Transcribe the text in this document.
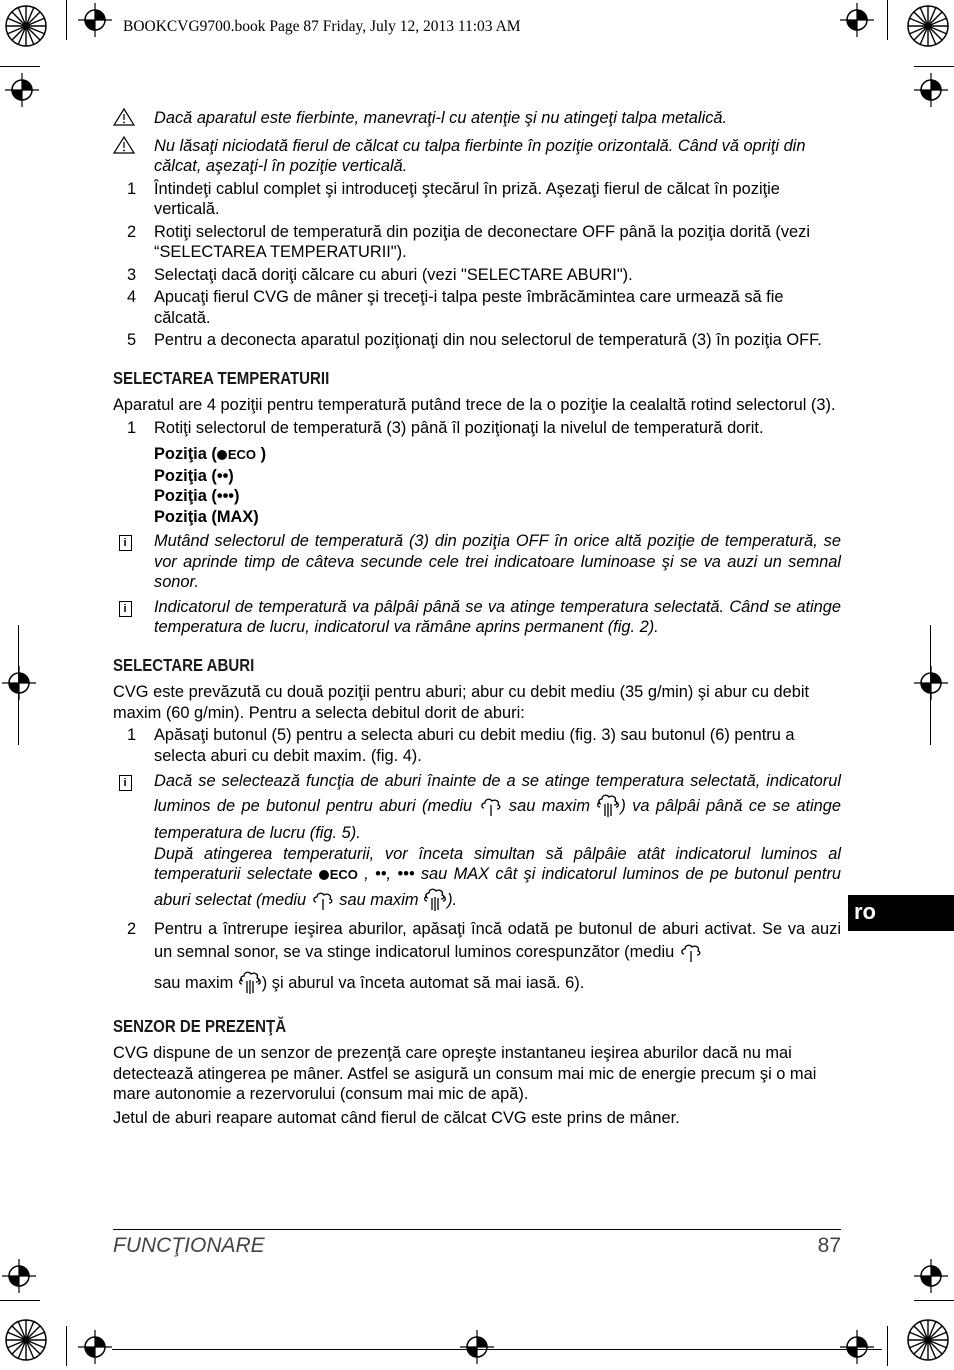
BOOKCVG9700.book Page 87 Friday, July 12, 2013 11:03 AM
Dacă aparatul este fierbinte, manevraţi-l cu atenţie şi nu atingeţi talpa metalică.
Nu lăsaţi niciodată fierul de călcat cu talpa fierbinte în poziţie orizontală. Când vă opriţi din călcat, aşezaţi-l în poziţie verticală.
1 Întindeţi cablul complet şi introduceţi ştecărul în priză. Aşezaţi fierul de călcat în poziţie verticală.
2 Rotiţi selectorul de temperatură din poziţia de deconectare OFF până la poziţia dorită (vezi “SELECTAREA TEMPERATURII").
3 Selectaţi dacă doriţi călcare cu aburi (vezi "SELECTARE ABURI").
4 Apucaţi fierul CVG de mâner şi treceţi-i talpa peste îmbrăcămintea care urmează să fie călcată.
5 Pentru a deconecta aparatul poziţionaţi din nou selectorul de temperatură (3) în poziţia OFF.
SELECTAREA TEMPERATURII

Aparatul are 4 poziţii pentru temperatură putând trece de la o poziţie la cealaltă rotind selectorul (3).

1 Rotiţi selectorul de temperatură (3) până îl poziţionaţi la nivelul de temperatură dorit.
Poziţia ( ECO )
Poziţia (••)
Poziţia (•••)
Poziţia (MAX)
i	Mutând selectorul de temperatură (3) din poziţia OFF în orice altă poziţie de temperatură, se vor aprinde timp de câteva secunde cele trei indicatoare luminoase şi se va auzi un semnal sonor.
i	Indicatorul de temperatură va pâlpâi până se va atinge temperatura selectată. Când se atinge temperatura de lucru, indicatorul va rămâne aprins permanent (fig. 2).
SELECTARE ABURI

CVG este prevăzută cu două poziţii pentru aburi; abur cu debit mediu (35 g/min) şi abur cu debit maxim (60 g/min). Pentru a selecta debitul dorit de aburi:

1 Apăsaţi butonul (5) pentru a selecta aburi cu debit mediu (fig. 3) sau butonul (6) pentru a selecta aburi cu debit maxim. (fig. 4).
i	Dacă se selectează funcţia de aburi înainte de a se atinge temperatura selectată, indicatorul luminos de pe butonul pentru aburi (mediu  sau maxim ) va pâlpâi până ce se atinge temperatura de lucru (fig. 5).
După atingerea temperaturii, vor înceta simultan să pâlpâie atât indicatorul luminos al temperaturii selectate ECO , ••, ••• sau MAX cât şi indicatorul luminos de pe butonul pentru aburi selectat (mediu  sau maxim ).
2 Pentru a întrerupe ieşirea aburilor, apăsaţi încă odată pe butonul de aburi activat. Se va auzi un semnal sonor, se va stinge indicatorul luminos corespunzător (mediu
sau maxim ) şi aburul va înceta automat să mai iasă. 6).
SENZOR DE PREZENŢĂ

CVG dispune de un senzor de prezenţă care opreşte instantaneu ieşirea aburilor dacă nu mai detectează atingerea pe mâner. Astfel se asigură un consum mai mic de energie precum şi o mai mare autonomie a rezervorului (consum mai mic de apă).

Jetul de aburi reapare automat când fierul de călcat CVG este prins de mâner.

ro
FUNCŢIONARE	87
